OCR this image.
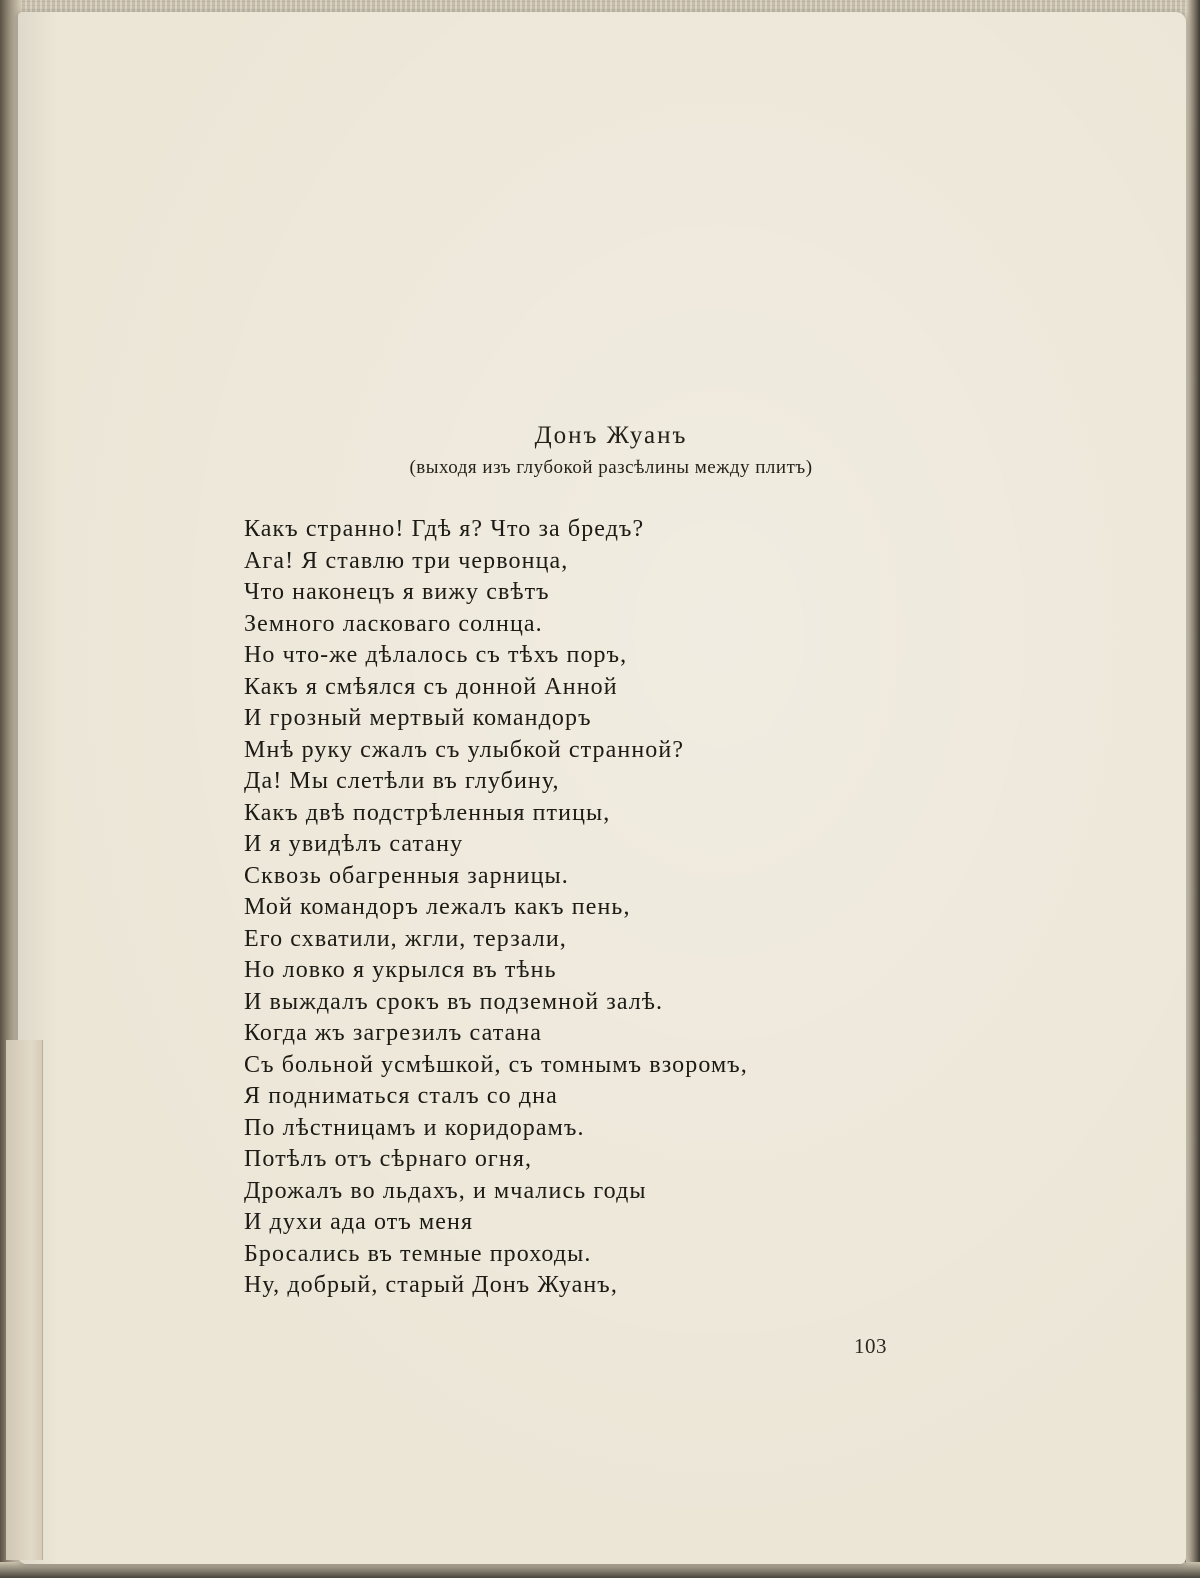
Донъ Жуанъ
(выходя изъ глубокой разсѣлины между плитъ)
Какъ странно! Гдѣ я? Что за бредъ?
Ага! Я ставлю три червонца,
Что наконецъ я вижу свѣтъ
Земного ласковаго солнца.
Но что-же дѣлалось съ тѣхъ поръ,
Какъ я смѣялся съ донной Анной
И грозный мертвый командоръ
Мнѣ руку сжалъ съ улыбкой странной?
Да! Мы слетѣли въ глубину,
Какъ двѣ подстрѣленныя птицы,
И я увидѣлъ сатану
Сквозь обагренныя зарницы.
Мой командоръ лежалъ какъ пень,
Его схватили, жгли, терзали,
Но ловко я укрылся въ тѣнь
И выждалъ срокъ въ подземной залѣ.
Когда жъ загрезилъ сатана
Съ больной усмѣшкой, съ томнымъ взоромъ,
Я подниматься сталъ со дна
По лѣстницамъ и коридорамъ.
Потѣлъ отъ сѣрнаго огня,
Дрожалъ во льдахъ, и мчались годы
И духи ада отъ меня
Бросались въ темные проходы.
Ну, добрый, старый Донъ Жуанъ,
103
